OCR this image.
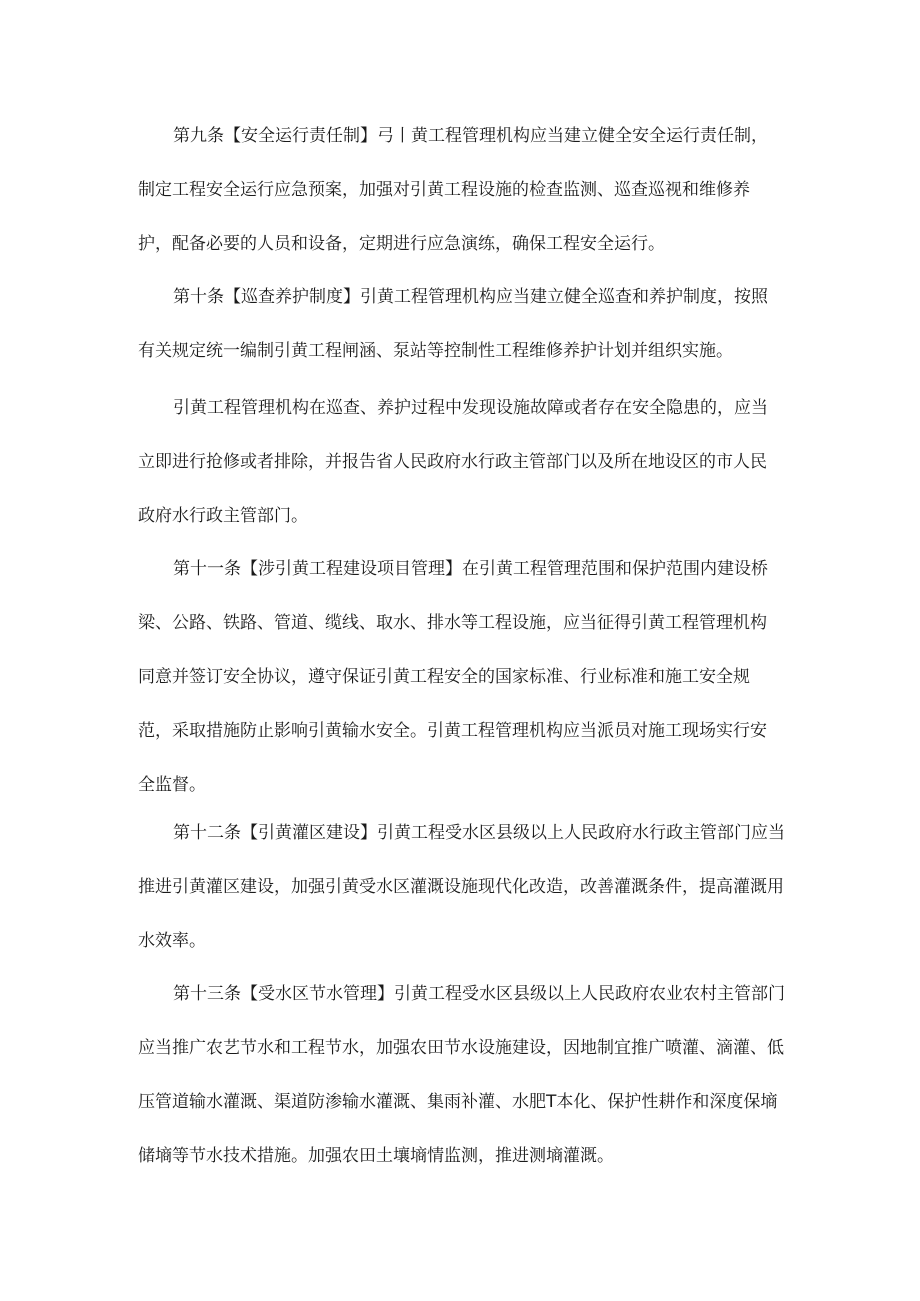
第九条【安全运行责任制】弓丨黄工程管理机构应当建立健全安全运行责任制，
制定工程安全运行应急预案，加强对引黄工程设施的检查监测、巡查巡视和维修养
护，配备必要的人员和设备，定期进行应急演练，确保工程安全运行。
第十条【巡查养护制度】引黄工程管理机构应当建立健全巡查和养护制度，按照
有关规定统一编制引黄工程闸涵、泵站等控制性工程维修养护计划并组织实施。
引黄工程管理机构在巡查、养护过程中发现设施故障或者存在安全隐患的，应当
立即进行抢修或者排除，并报告省人民政府水行政主管部门以及所在地设区的市人民
政府水行政主管部门。
第十一条【涉引黄工程建设项目管理】在引黄工程管理范围和保护范围内建设桥
梁、公路、铁路、管道、缆线、取水、排水等工程设施，应当征得引黄工程管理机构
同意并签订安全协议，遵守保证引黄工程安全的国家标准、行业标准和施工安全规
范，采取措施防止影响引黄输水安全。引黄工程管理机构应当派员对施工现场实行安
全监督。
第十二条【引黄灌区建设】引黄工程受水区县级以上人民政府水行政主管部门应当
推进引黄灌区建设，加强引黄受水区灌溉设施现代化改造，改善灌溉条件，提高灌溉用
水效率。
第十三条【受水区节水管理】引黄工程受水区县级以上人民政府农业农村主管部门
应当推广农艺节水和工程节水，加强农田节水设施建设，因地制宜推广喷灌、滴灌、低
压管道输水灌溉、渠道防渗输水灌溉、集雨补灌、水肥T本化、保护性耕作和深度保墒
储墒等节水技术措施。加强农田土壤墒情监测，推进测墒灌溉。
